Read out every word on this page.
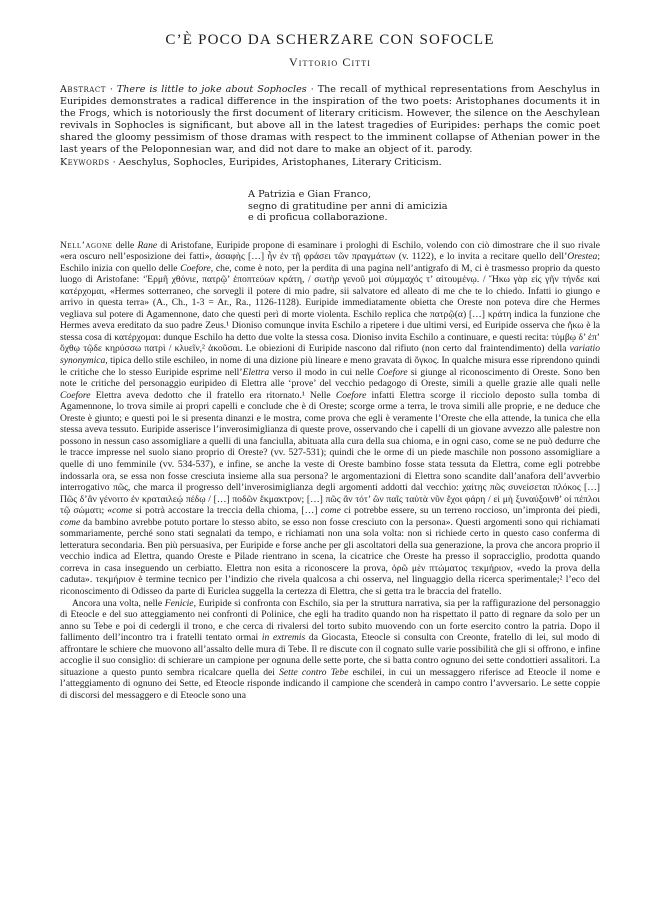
C’È POCO DA SCHERZARE CON SOFOCLE
Vittorio Citti

Abstract · There is little to joke about Sophocles · The recall of mythical representations from Aeschylus in Euripides demonstrates a radical difference in the inspiration of the two poets: Aristophanes documents it in the Frogs, which is notoriously the first document of literary criticism. However, the silence on the Aeschylean revivals in Sophocles is significant, but above all in the latest tragedies of Euripides: perhaps the comic poet shared the gloomy pessimism of those dramas with respect to the imminent collapse of Athenian power in the last years of the Peloponnesian war, and did not dare to make an object of it. parody.

Keywords · Aeschylus, Sophocles, Euripides, Aristophanes, Literary Criticism.

A Patrizia e Gian Franco,
segno di gratitudine per anni di amicizia
e di proficua collaborazione.

Nell’agone delle Rane di Aristofane, Euripide propone di esaminare i prologhi di Eschilo, volendo con ciò dimostrare che il suo rivale «era oscuro nell’esposizione dei fatti», ἀσαφὴς […] ἦν ἐν τῇ φράσει τῶν πραγμάτων (v. 1122), e lo invita a recitare quello dell’Orestea; Eschilo inizia con quello delle Coefore, che, come è noto, per la perdita di una pagina nell’antigrafo di M, ci è trasmesso proprio da questo luogo di Aristofane: ‘Ἑρμῆ χθόνιε, πατρῷ’ ἐποπτεύων κράτη, / σωτὴρ γενοῦ μοὶ σύμμαχός τ’ αἰτουμένῳ. / Ἥκω γὰρ εἰς γῆν τήνδε καὶ κατέρχομαι, «Hermes sotterraneo, che sorvegli il potere di mio padre, sii salvatore ed alleato di me che te lo chiedo. Infatti io giungo e arrivo in questa terra» (A., Ch., 1-3 = Ar., Ra., 1126-1128). Euripide immediatamente obietta che Oreste non poteva dire che Hermes vegliava sul potere di Agamennone, dato che questi perì di morte violenta. Eschilo replica che πατρῷ(α) […] κράτη indica la funzione che Hermes aveva ereditato da suo padre Zeus.¹ Dioniso comunque invita Eschilo a ripetere i due ultimi versi, ed Euripide osserva che ἥκω è la stessa cosa di κατέρχομαι: dunque Eschilo ha detto due volte la stessa cosa. Dioniso invita Eschilo a continuare, e questi recita: τύμβῳ δ’ ἐπ’ ὄχθῳ τῷδε κηρύσσω πατρὶ / κλυεῖν,² ἀκοῦσαι. Le obiezioni di Euripide nascono dal rifiuto (non certo dal fraintendimento) della variatio synonymica, tipica dello stile eschileo, in nome di una dizione più lineare e meno gravata di ὄγκος. In qualche misura esse riprendono quindi le critiche che lo stesso Euripide esprime nell’Elettra verso il modo in cui nelle Coefore si giunge al riconoscimento di Oreste. Sono ben note le critiche del personaggio euripideo di Elettra alle ‘prove’ del vecchio pedagogo di Oreste, simili a quelle grazie alle quali nelle Coefore Elettra aveva dedotto che il fratello era ritornato.¹ Nelle Coefore infatti Elettra scorge il ricciolo deposto sulla tomba di Agamennone, lo trova simile ai propri capelli e conclude che è di Oreste; scorge orme a terra, le trova simili alle proprie, e ne deduce che Oreste è giunto; e questi poi le si presenta dinanzi e le mostra, come prova che egli è veramente l’Oreste che ella attende, la tunica che ella stessa aveva tessuto. Euripide asserisce l’inverosimiglianza di queste prove, osservando che i capelli di un giovane avvezzo alle palestre non possono in nessun caso assomigliare a quelli di una fanciulla, abituata alla cura della sua chioma, e in ogni caso, come se ne può dedurre che le tracce impresse nel suolo siano proprio di Oreste? (vv. 527-531); quindi che le orme di un piede maschile non possono assomigliare a quelle di uno femminile (vv. 534-537), e infine, se anche la veste di Oreste bambino fosse stata tessuta da Elettra, come egli potrebbe indossarla ora, se essa non fosse cresciuta insieme alla sua persona? le argomentazioni di Elettra sono scandite dall’anafora dell’avverbio interrogativo πῶς, che marca il progresso dell’inverosimiglianza degli argomenti addotti dal vecchio: χαίτης πῶς συνείσεται πλόκος […] Πῶς δ’ἂν γένοιτο ἐν κραταιλεῴ πέδῳ / […] ποδῶν ἔκμακτρον; […] πῶς ἂν τότ’ ὢν παῖς ταὐτὰ νῦν ἔχοι φάρη / εἰ μὴ ξυναύξοινθ’ οἱ πέπλοι τῷ σώματι; «come si potrà accostare la treccia della chioma, […] come ci potrebbe essere, su un terreno roccioso, un’impronta dei piedi, come da bambino avrebbe potuto portare lo stesso abito, se esso non fosse cresciuto con la persona». Questi argomenti sono qui richiamati sommariamente, perché sono stati segnalati da tempo, e richiamati non una sola volta: non si richiede certo in questo caso conferma di letteratura secondaria. Ben più persuasiva, per Euripide e forse anche per gli ascoltatori della sua generazione, la prova che ancora proprio il vecchio indica ad Elettra, quando Oreste e Pilade rientrano in scena, la cicatrice che Oreste ha presso il sopracciglio, prodotta quando correva in casa inseguendo un cerbiatto. Elettra non esita a riconoscere la prova, ὁρῶ μὲν πτώματος τεκμήριον, «vedo la prova della caduta». τεκμήριον è termine tecnico per l’indizio che rivela qualcosa a chi osserva, nel linguaggio della ricerca sperimentale;² l’eco del riconoscimento di Odisseo da parte di Euriclea suggella la certezza di Elettra, che si getta tra le braccia del fratello.

Ancora una volta, nelle Fenicie, Euripide si confronta con Eschilo, sia per la struttura narrativa, sia per la raffigurazione del personaggio di Eteocle e del suo atteggiamento nei confronti di Polinice, che egli ha tradito quando non ha rispettato il patto di regnare da solo per un anno su Tebe e poi di cedergli il trono, e che cerca di rivalersi del torto subito muovendo con un forte esercito contro la patria. Dopo il fallimento dell’incontro tra i fratelli tentato ormai in extremis da Giocasta, Eteocle si consulta con Creonte, fratello di lei, sul modo di affrontare le schiere che muovono all’assalto delle mura di Tebe. Il re discute con il cognato sulle varie possibilità che gli si offrono, e infine accoglie il suo consiglio: di schierare un campione per ognuna delle sette porte, che si batta contro ognuno dei sette condottieri assalitori. La situazione a questo punto sembra ricalcare quella dei Sette contro Tebe eschilei, in cui un messaggero riferisce ad Eteocle il nome e l’atteggiamento di ognuno dei Sette, ed Eteocle risponde indicando il campione che scenderà in campo contro l’avversario. Le sette coppie di discorsi del messaggero e di Eteocle sono una
